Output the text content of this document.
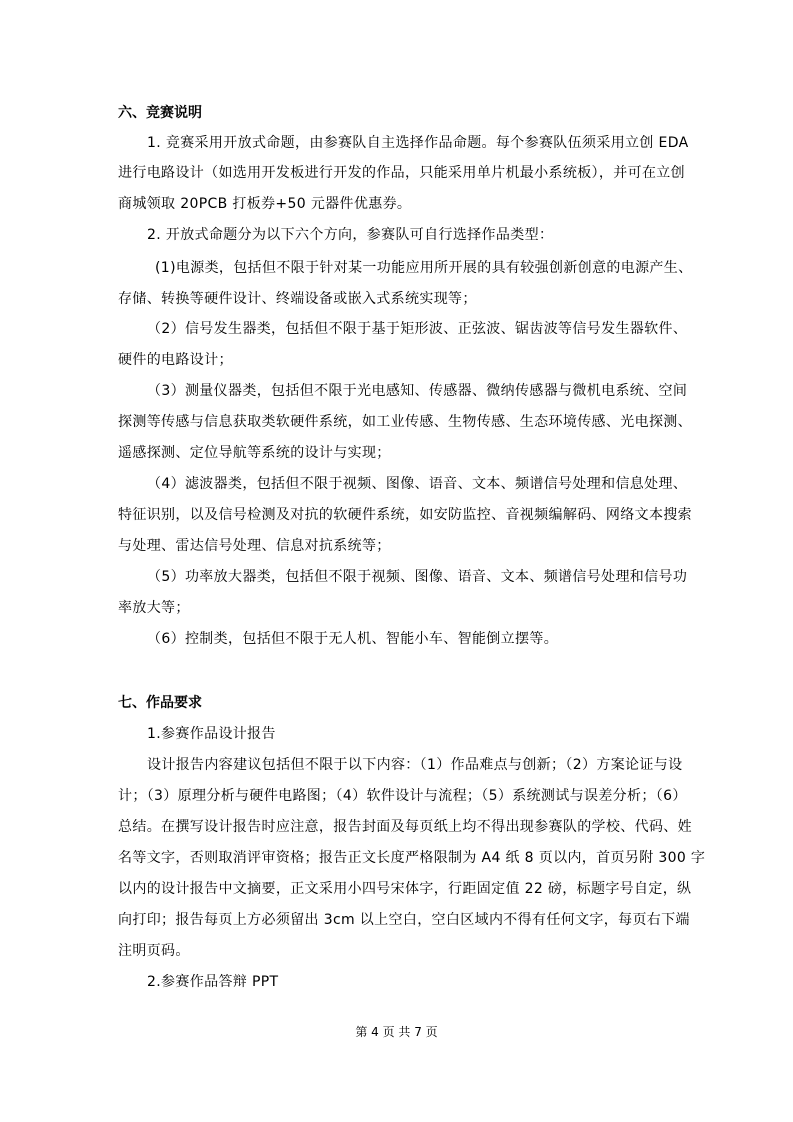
六、竞赛说明
1. 竞赛采用开放式命题，由参赛队自主选择作品命题。每个参赛队伍须采用立创 EDA
进行电路设计（如选用开发板进行开发的作品，只能采用单片机最小系统板），并可在立创
商城领取 20PCB 打板券+50 元器件优惠券。
2. 开放式命题分为以下六个方向，参赛队可自行选择作品类型：
(1)电源类，包括但不限于针对某一功能应用所开展的具有较强创新创意的电源产生、
存储、转换等硬件设计、终端设备或嵌入式系统实现等；
（2）信号发生器类，包括但不限于基于矩形波、正弦波、锯齿波等信号发生器软件、
硬件的电路设计；
（3）测量仪器类，包括但不限于光电感知、传感器、微纳传感器与微机电系统、空间
探测等传感与信息获取类软硬件系统，如工业传感、生物传感、生态环境传感、光电探测、
遥感探测、定位导航等系统的设计与实现；
（4）滤波器类，包括但不限于视频、图像、语音、文本、频谱信号处理和信息处理、
特征识别，以及信号检测及对抗的软硬件系统，如安防监控、音视频编解码、网络文本搜索
与处理、雷达信号处理、信息对抗系统等；
（5）功率放大器类，包括但不限于视频、图像、语音、文本、频谱信号处理和信号功
率放大等；
（6）控制类，包括但不限于无人机、智能小车、智能倒立摆等。
七、作品要求
1.参赛作品设计报告
设计报告内容建议包括但不限于以下内容：（1）作品难点与创新；（2）方案论证与设
计；（3）原理分析与硬件电路图；（4）软件设计与流程；（5）系统测试与误差分析；（6）
总结。在撰写设计报告时应注意，报告封面及每页纸上均不得出现参赛队的学校、代码、姓
名等文字，否则取消评审资格；报告正文长度严格限制为 A4 纸 8 页以内，首页另附 300 字
以内的设计报告中文摘要，正文采用小四号宋体字，行距固定值 22 磅，标题字号自定，纵
向打印；报告每页上方必须留出 3cm 以上空白，空白区域内不得有任何文字，每页右下端
注明页码。
2.参赛作品答辩 PPT
第 4 页 共 7 页
